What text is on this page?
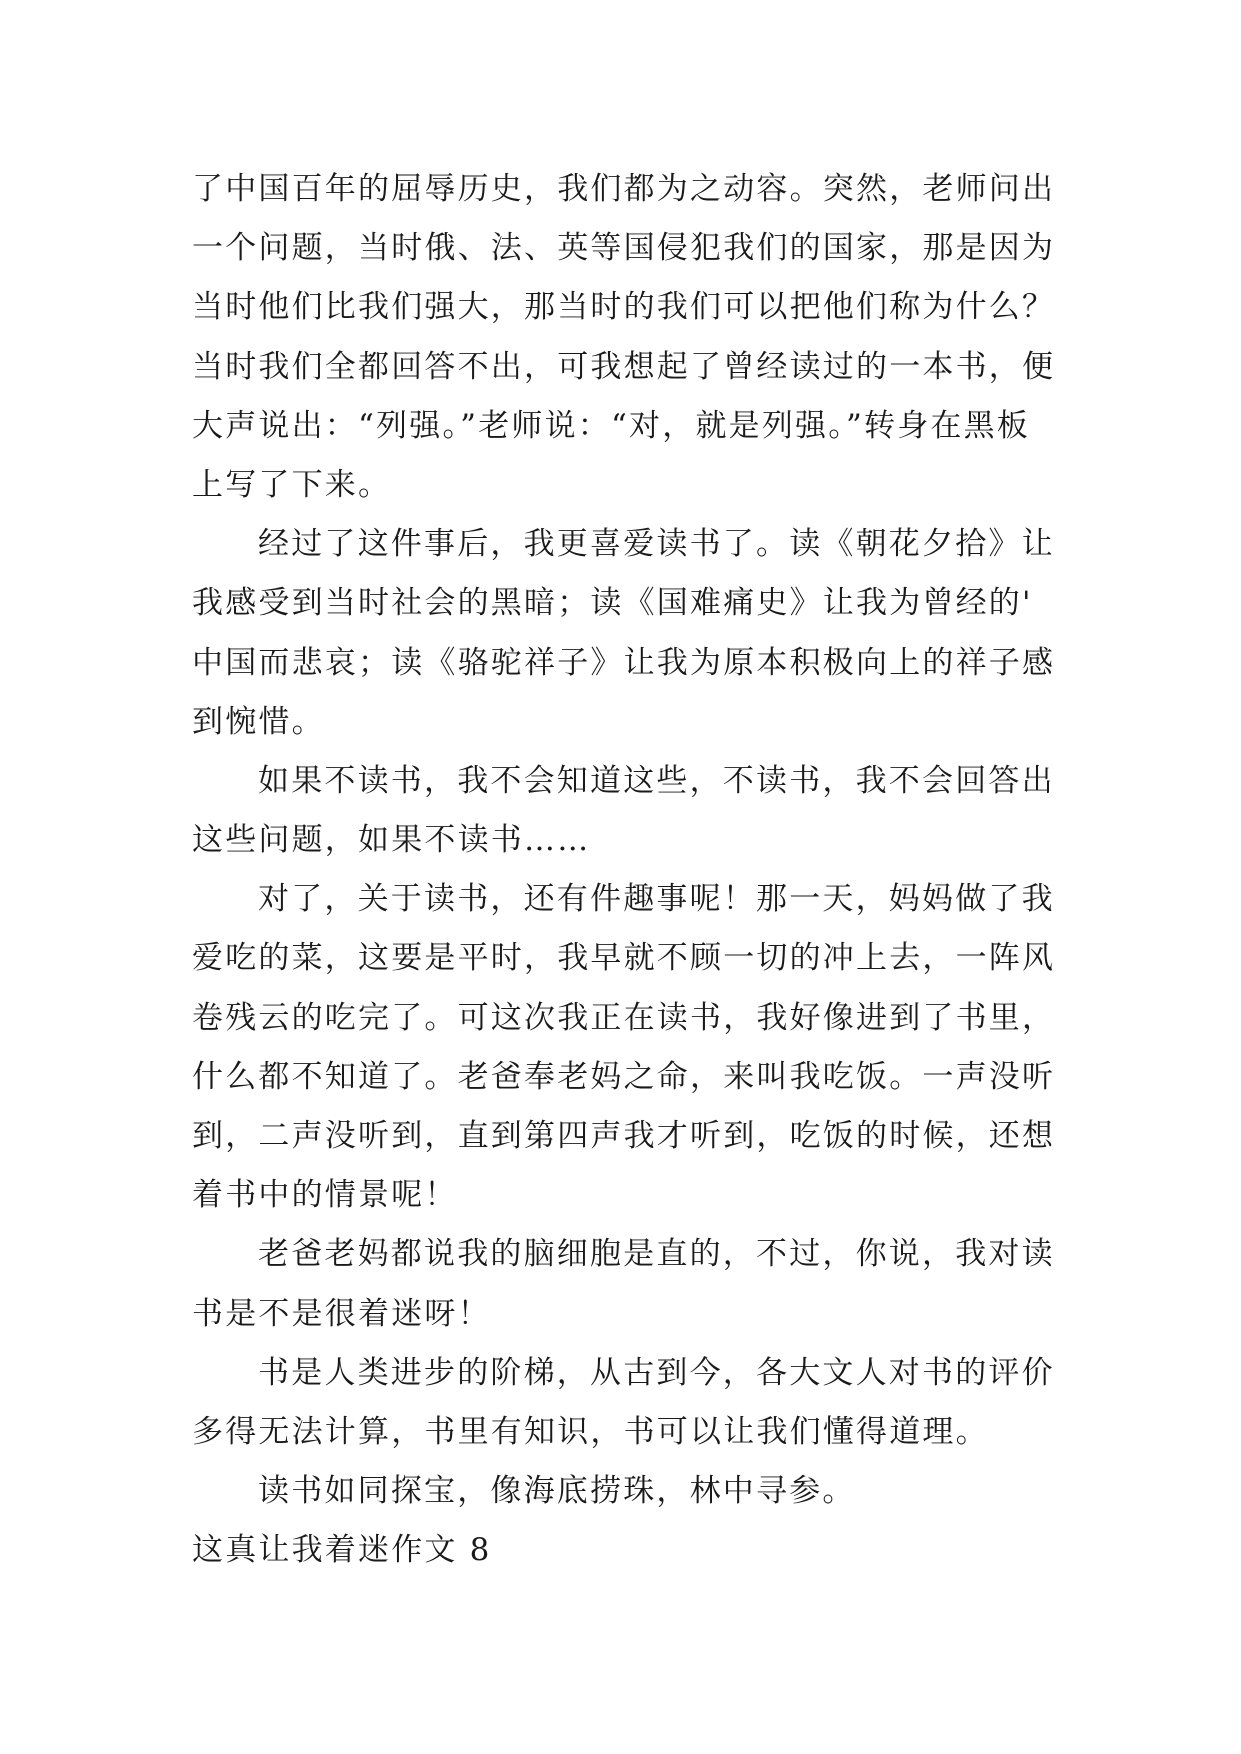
了中国百年的屈辱历史，我们都为之动容。突然，老师问出
一个问题，当时俄、法、英等国侵犯我们的国家，那是因为
当时他们比我们强大，那当时的我们可以把他们称为什么？
当时我们全都回答不出，可我想起了曾经读过的一本书，便
大声说出：“列强。”老师说：“对，就是列强。”转身在黑板
上写了下来。
经过了这件事后，我更喜爱读书了。读《朝花夕拾》让
我感受到当时社会的黑暗；读《国难痛史》让我为曾经的'
中国而悲哀；读《骆驼祥子》让我为原本积极向上的祥子感
到惋惜。
如果不读书，我不会知道这些，不读书，我不会回答出
这些问题，如果不读书……
对了，关于读书，还有件趣事呢！那一天，妈妈做了我
爱吃的菜，这要是平时，我早就不顾一切的冲上去，一阵风
卷残云的吃完了。可这次我正在读书，我好像进到了书里，
什么都不知道了。老爸奉老妈之命，来叫我吃饭。一声没听
到，二声没听到，直到第四声我才听到，吃饭的时候，还想
着书中的情景呢！
老爸老妈都说我的脑细胞是直的，不过，你说，我对读
书是不是很着迷呀！
书是人类进步的阶梯，从古到今，各大文人对书的评价
多得无法计算，书里有知识，书可以让我们懂得道理。
读书如同探宝，像海底捞珠，林中寻参。
这真让我着迷作文 8
